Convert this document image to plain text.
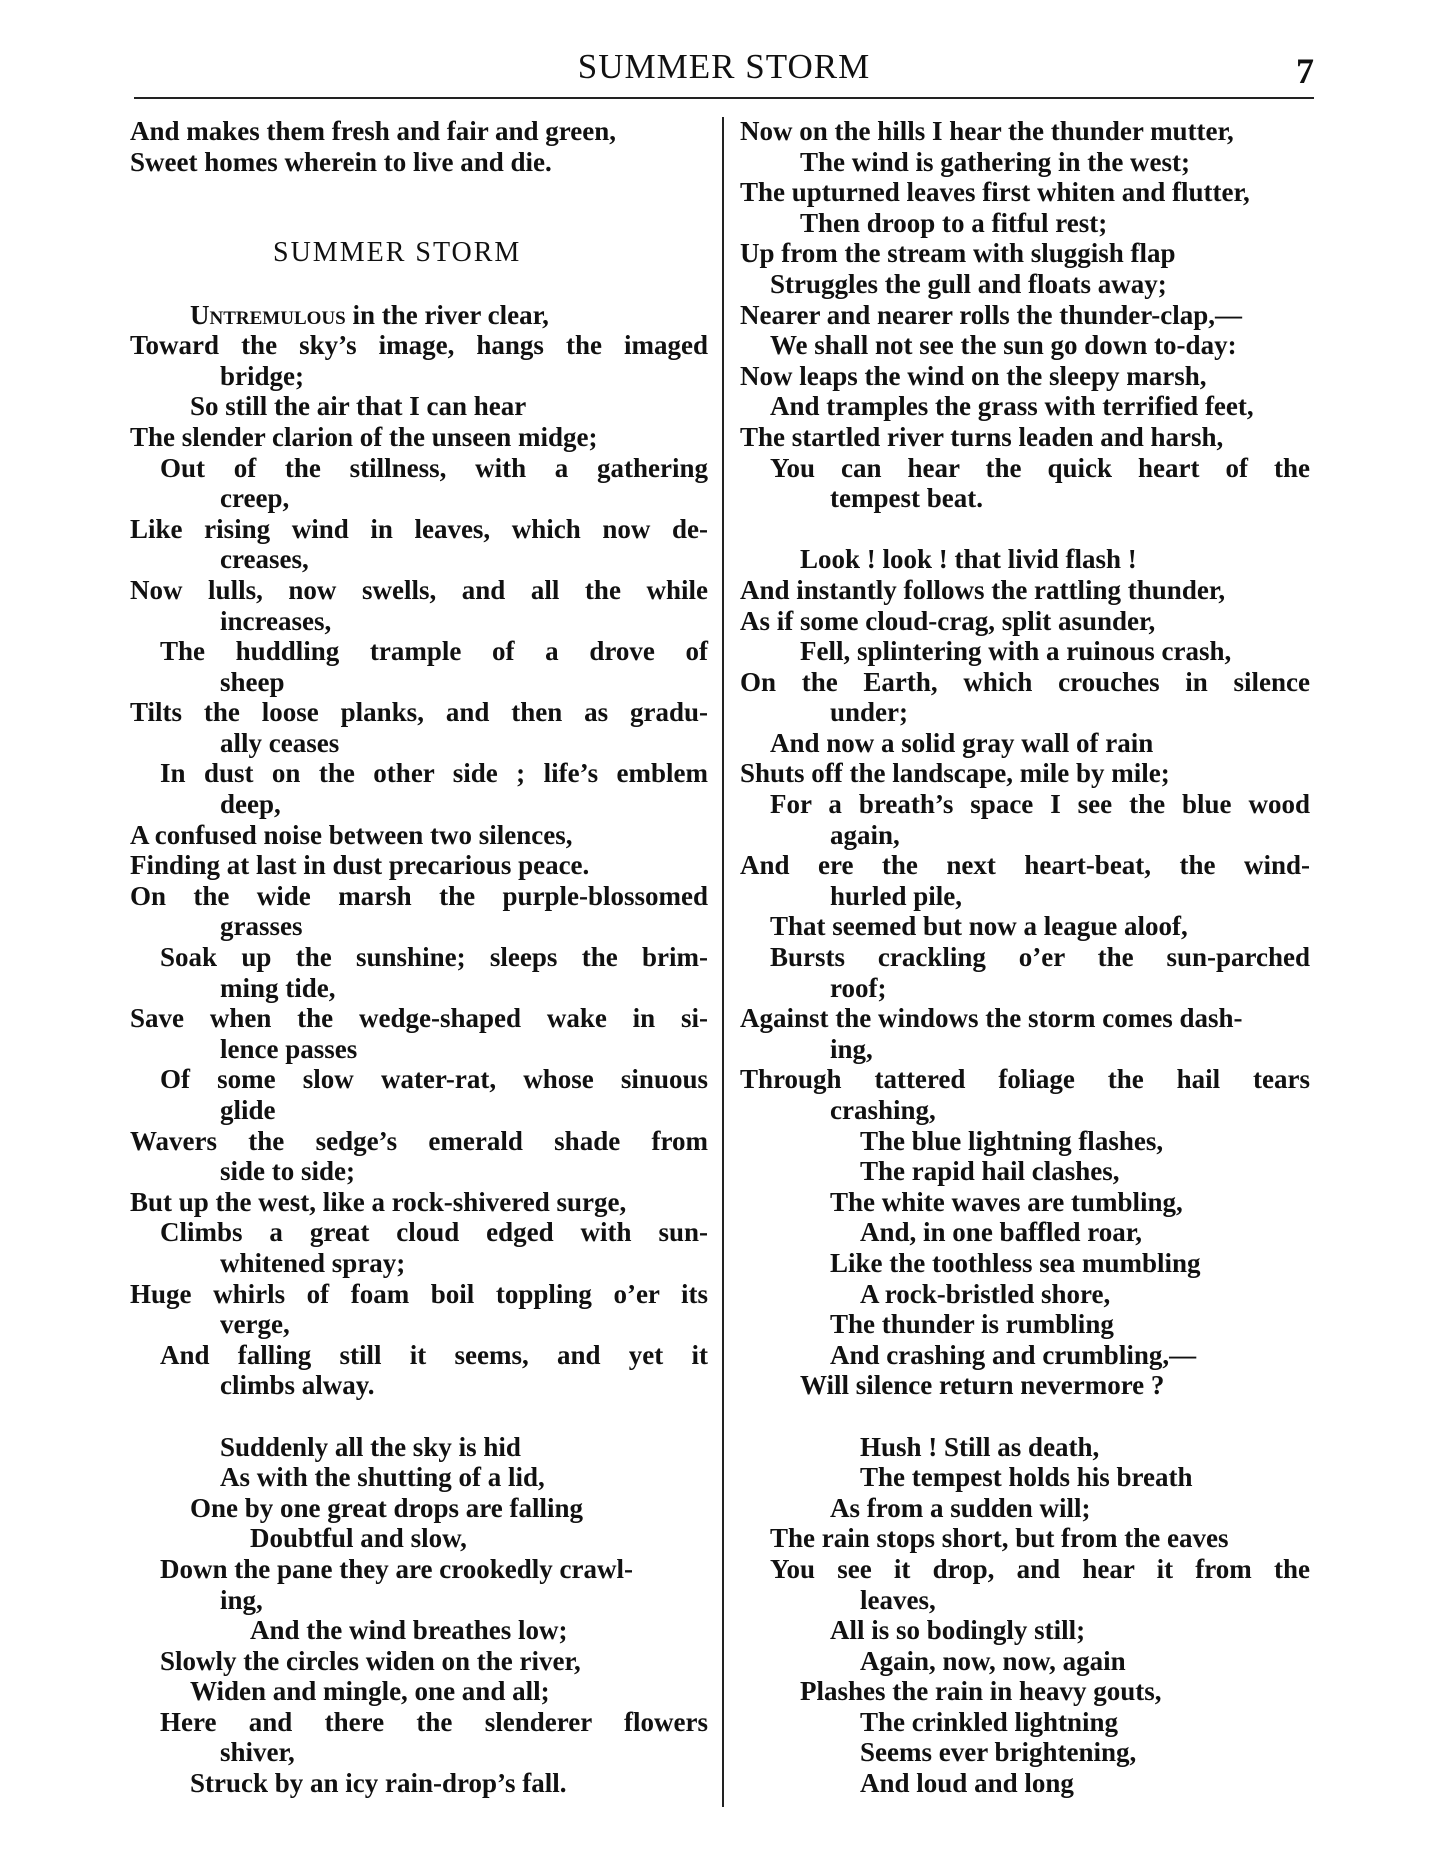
SUMMER STORM	7
And makes them fresh and fair and green,
Sweet homes wherein to live and die.
SUMMER STORM
Untremulous in the river clear,
Toward the sky’s image, hangs the imaged
bridge;
So still the air that I can hear
The slender clarion of the unseen midge;
Out of the stillness, with a gathering
creep,
Like rising wind in leaves, which now de-
creases,
Now lulls, now swells, and all the while
increases,
The huddling trample of a drove of
sheep
Tilts the loose planks, and then as gradu-
ally ceases
In dust on the other side ; life’s emblem
deep,
A confused noise between two silences,
Finding at last in dust precarious peace.
On the wide marsh the purple-blossomed
grasses
Soak up the sunshine; sleeps the brim-
ming tide,
Save when the wedge-shaped wake in si-
lence passes
Of some slow water-rat, whose sinuous
glide
Wavers the sedge’s emerald shade from
side to side;
But up the west, like a rock-shivered surge,
Climbs a great cloud edged with sun-
whitened spray;
Huge whirls of foam boil toppling o’er its
verge,
And falling still it seems, and yet it
climbs alway.
Suddenly all the sky is hid
As with the shutting of a lid,
One by one great drops are falling
Doubtful and slow,
Down the pane they are crookedly crawl-
ing,
And the wind breathes low;
Slowly the circles widen on the river,
Widen and mingle, one and all;
Here and there the slenderer flowers
shiver,
Struck by an icy rain-drop’s fall.
Now on the hills I hear the thunder mutter,
The wind is gathering in the west;
The upturned leaves first whiten and flutter,
Then droop to a fitful rest;
Up from the stream with sluggish flap
Struggles the gull and floats away;
Nearer and nearer rolls the thunder-clap,—
We shall not see the sun go down to-day:
Now leaps the wind on the sleepy marsh,
And tramples the grass with terrified feet,
The startled river turns leaden and harsh,
You can hear the quick heart of the
tempest beat.
Look ! look ! that livid flash !
And instantly follows the rattling thunder,
As if some cloud-crag, split asunder,
Fell, splintering with a ruinous crash,
On the Earth, which crouches in silence
under;
And now a solid gray wall of rain
Shuts off the landscape, mile by mile;
For a breath’s space I see the blue wood
again,
And ere the next heart-beat, the wind-
hurled pile,
That seemed but now a league aloof,
Bursts crackling o’er the sun-parched
roof;
Against the windows the storm comes dash-
ing,
Through tattered foliage the hail tears
crashing,
The blue lightning flashes,
The rapid hail clashes,
The white waves are tumbling,
And, in one baffled roar,
Like the toothless sea mumbling
A rock-bristled shore,
The thunder is rumbling
And crashing and crumbling,—
Will silence return nevermore ?
Hush ! Still as death,
The tempest holds his breath
As from a sudden will;
The rain stops short, but from the eaves
You see it drop, and hear it from the
leaves,
All is so bodingly still;
Again, now, now, again
Plashes the rain in heavy gouts,
The crinkled lightning
Seems ever brightening,
And loud and long
